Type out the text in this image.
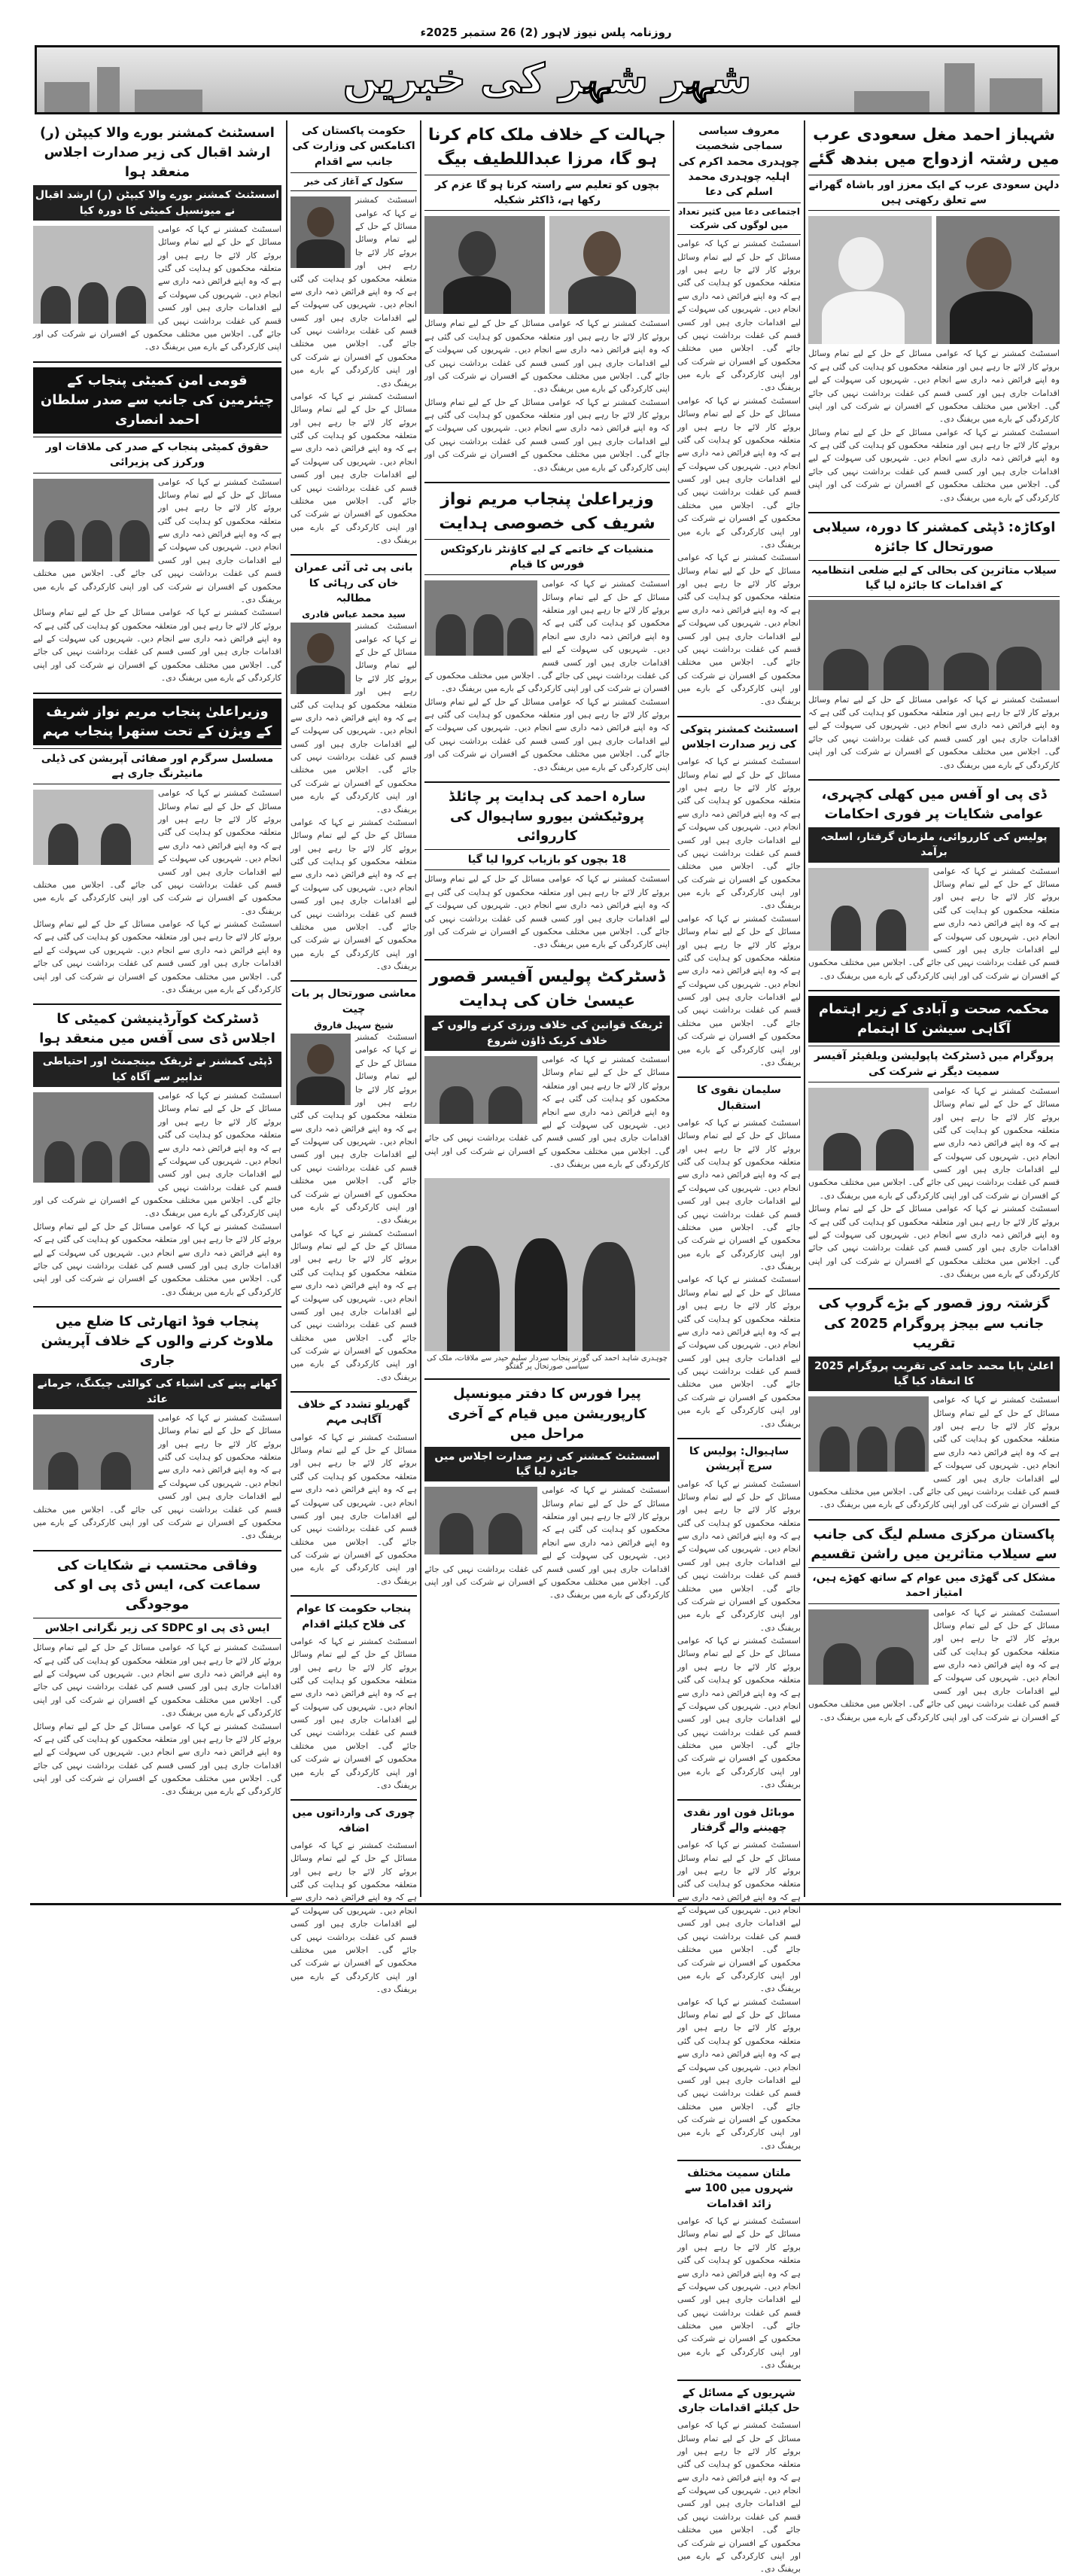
روزنامہ پلس نیوز لاہور (2) 26 ستمبر 2025ء
شہر شہر کی خبریں
شہباز احمد مغل سعودی عرب میں رشتہ ازدواج میں بندھ گئے
دلہن سعودی عرب کے ایک معزز اور باشاہ گھرانے سے تعلق رکھتی ہیں
اسسٹنٹ کمشنر نے کہا کہ عوامی مسائل کے حل کے لیے تمام وسائل بروئے کار لائے جا رہے ہیں اور متعلقہ محکموں کو ہدایت کی گئی ہے کہ وہ اپنے فرائض ذمہ داری سے انجام دیں۔ شہریوں کی سہولت کے لیے اقدامات جاری ہیں اور کسی قسم کی غفلت برداشت نہیں کی جائے گی۔ اجلاس میں مختلف محکموں کے افسران نے شرکت کی اور اپنی کارکردگی کے بارے میں بریفنگ دی۔
اسسٹنٹ کمشنر نے کہا کہ عوامی مسائل کے حل کے لیے تمام وسائل بروئے کار لائے جا رہے ہیں اور متعلقہ محکموں کو ہدایت کی گئی ہے کہ وہ اپنے فرائض ذمہ داری سے انجام دیں۔ شہریوں کی سہولت کے لیے اقدامات جاری ہیں اور کسی قسم کی غفلت برداشت نہیں کی جائے گی۔ اجلاس میں مختلف محکموں کے افسران نے شرکت کی اور اپنی کارکردگی کے بارے میں بریفنگ دی۔
اوکاڑہ: ڈپٹی کمشنر کا دورہ، سیلابی صورتحال کا جائزہ
سیلاب متاثرین کی بحالی کے لیے ضلعی انتظامیہ کے اقدامات کا جائزہ لیا گیا
اسسٹنٹ کمشنر نے کہا کہ عوامی مسائل کے حل کے لیے تمام وسائل بروئے کار لائے جا رہے ہیں اور متعلقہ محکموں کو ہدایت کی گئی ہے کہ وہ اپنے فرائض ذمہ داری سے انجام دیں۔ شہریوں کی سہولت کے لیے اقدامات جاری ہیں اور کسی قسم کی غفلت برداشت نہیں کی جائے گی۔ اجلاس میں مختلف محکموں کے افسران نے شرکت کی اور اپنی کارکردگی کے بارے میں بریفنگ دی۔
ڈی پی او آفس میں کھلی کچہری، عوامی شکایات پر فوری احکامات
پولیس کی کارروائی، ملزمان گرفتار، اسلحہ برآمد
اسسٹنٹ کمشنر نے کہا کہ عوامی مسائل کے حل کے لیے تمام وسائل بروئے کار لائے جا رہے ہیں اور متعلقہ محکموں کو ہدایت کی گئی ہے کہ وہ اپنے فرائض ذمہ داری سے انجام دیں۔ شہریوں کی سہولت کے لیے اقدامات جاری ہیں اور کسی قسم کی غفلت برداشت نہیں کی جائے گی۔ اجلاس میں مختلف محکموں کے افسران نے شرکت کی اور اپنی کارکردگی کے بارے میں بریفنگ دی۔
محکمہ صحت و آبادی کے زیر اہتمام آگاہی سیشن کا اہتمام
پروگرام میں ڈسٹرکٹ پاپولیشن ویلفیئر آفیسر سمیت دیگر نے شرکت کی
اسسٹنٹ کمشنر نے کہا کہ عوامی مسائل کے حل کے لیے تمام وسائل بروئے کار لائے جا رہے ہیں اور متعلقہ محکموں کو ہدایت کی گئی ہے کہ وہ اپنے فرائض ذمہ داری سے انجام دیں۔ شہریوں کی سہولت کے لیے اقدامات جاری ہیں اور کسی قسم کی غفلت برداشت نہیں کی جائے گی۔ اجلاس میں مختلف محکموں کے افسران نے شرکت کی اور اپنی کارکردگی کے بارے میں بریفنگ دی۔
اسسٹنٹ کمشنر نے کہا کہ عوامی مسائل کے حل کے لیے تمام وسائل بروئے کار لائے جا رہے ہیں اور متعلقہ محکموں کو ہدایت کی گئی ہے کہ وہ اپنے فرائض ذمہ داری سے انجام دیں۔ شہریوں کی سہولت کے لیے اقدامات جاری ہیں اور کسی قسم کی غفلت برداشت نہیں کی جائے گی۔ اجلاس میں مختلف محکموں کے افسران نے شرکت کی اور اپنی کارکردگی کے بارے میں بریفنگ دی۔
گزشتہ روز قصور کے بڑے گروپ کی جانب سے بیجز پروگرام 2025 کی تقریب
اعلیٰ بابا محمد حامد کی تقریب پروگرام 2025 کا انعقاد کیا گیا
اسسٹنٹ کمشنر نے کہا کہ عوامی مسائل کے حل کے لیے تمام وسائل بروئے کار لائے جا رہے ہیں اور متعلقہ محکموں کو ہدایت کی گئی ہے کہ وہ اپنے فرائض ذمہ داری سے انجام دیں۔ شہریوں کی سہولت کے لیے اقدامات جاری ہیں اور کسی قسم کی غفلت برداشت نہیں کی جائے گی۔ اجلاس میں مختلف محکموں کے افسران نے شرکت کی اور اپنی کارکردگی کے بارے میں بریفنگ دی۔
پاکستان مرکزی مسلم لیگ کی جانب سے سیلاب متاثرین میں راشن تقسیم
مشکل کی گھڑی میں عوام کے ساتھ کھڑے ہیں، امتیاز احمد
اسسٹنٹ کمشنر نے کہا کہ عوامی مسائل کے حل کے لیے تمام وسائل بروئے کار لائے جا رہے ہیں اور متعلقہ محکموں کو ہدایت کی گئی ہے کہ وہ اپنے فرائض ذمہ داری سے انجام دیں۔ شہریوں کی سہولت کے لیے اقدامات جاری ہیں اور کسی قسم کی غفلت برداشت نہیں کی جائے گی۔ اجلاس میں مختلف محکموں کے افسران نے شرکت کی اور اپنی کارکردگی کے بارے میں بریفنگ دی۔
معروف سیاسی سماجی شخصیت چوہدری محمد اکرم کی اہلیہ چوہدری محمد اسلم کی دعا
اجتماعی دعا میں کثیر تعداد میں لوگوں کی شرکت
اسسٹنٹ کمشنر نے کہا کہ عوامی مسائل کے حل کے لیے تمام وسائل بروئے کار لائے جا رہے ہیں اور متعلقہ محکموں کو ہدایت کی گئی ہے کہ وہ اپنے فرائض ذمہ داری سے انجام دیں۔ شہریوں کی سہولت کے لیے اقدامات جاری ہیں اور کسی قسم کی غفلت برداشت نہیں کی جائے گی۔ اجلاس میں مختلف محکموں کے افسران نے شرکت کی اور اپنی کارکردگی کے بارے میں بریفنگ دی۔
اسسٹنٹ کمشنر نے کہا کہ عوامی مسائل کے حل کے لیے تمام وسائل بروئے کار لائے جا رہے ہیں اور متعلقہ محکموں کو ہدایت کی گئی ہے کہ وہ اپنے فرائض ذمہ داری سے انجام دیں۔ شہریوں کی سہولت کے لیے اقدامات جاری ہیں اور کسی قسم کی غفلت برداشت نہیں کی جائے گی۔ اجلاس میں مختلف محکموں کے افسران نے شرکت کی اور اپنی کارکردگی کے بارے میں بریفنگ دی۔
اسسٹنٹ کمشنر نے کہا کہ عوامی مسائل کے حل کے لیے تمام وسائل بروئے کار لائے جا رہے ہیں اور متعلقہ محکموں کو ہدایت کی گئی ہے کہ وہ اپنے فرائض ذمہ داری سے انجام دیں۔ شہریوں کی سہولت کے لیے اقدامات جاری ہیں اور کسی قسم کی غفلت برداشت نہیں کی جائے گی۔ اجلاس میں مختلف محکموں کے افسران نے شرکت کی اور اپنی کارکردگی کے بارے میں بریفنگ دی۔
اسسٹنٹ کمشنر پتوکی کی زیر صدارت اجلاس
اسسٹنٹ کمشنر نے کہا کہ عوامی مسائل کے حل کے لیے تمام وسائل بروئے کار لائے جا رہے ہیں اور متعلقہ محکموں کو ہدایت کی گئی ہے کہ وہ اپنے فرائض ذمہ داری سے انجام دیں۔ شہریوں کی سہولت کے لیے اقدامات جاری ہیں اور کسی قسم کی غفلت برداشت نہیں کی جائے گی۔ اجلاس میں مختلف محکموں کے افسران نے شرکت کی اور اپنی کارکردگی کے بارے میں بریفنگ دی۔
اسسٹنٹ کمشنر نے کہا کہ عوامی مسائل کے حل کے لیے تمام وسائل بروئے کار لائے جا رہے ہیں اور متعلقہ محکموں کو ہدایت کی گئی ہے کہ وہ اپنے فرائض ذمہ داری سے انجام دیں۔ شہریوں کی سہولت کے لیے اقدامات جاری ہیں اور کسی قسم کی غفلت برداشت نہیں کی جائے گی۔ اجلاس میں مختلف محکموں کے افسران نے شرکت کی اور اپنی کارکردگی کے بارے میں بریفنگ دی۔
سلیمان نقوی کا استقبال
اسسٹنٹ کمشنر نے کہا کہ عوامی مسائل کے حل کے لیے تمام وسائل بروئے کار لائے جا رہے ہیں اور متعلقہ محکموں کو ہدایت کی گئی ہے کہ وہ اپنے فرائض ذمہ داری سے انجام دیں۔ شہریوں کی سہولت کے لیے اقدامات جاری ہیں اور کسی قسم کی غفلت برداشت نہیں کی جائے گی۔ اجلاس میں مختلف محکموں کے افسران نے شرکت کی اور اپنی کارکردگی کے بارے میں بریفنگ دی۔
اسسٹنٹ کمشنر نے کہا کہ عوامی مسائل کے حل کے لیے تمام وسائل بروئے کار لائے جا رہے ہیں اور متعلقہ محکموں کو ہدایت کی گئی ہے کہ وہ اپنے فرائض ذمہ داری سے انجام دیں۔ شہریوں کی سہولت کے لیے اقدامات جاری ہیں اور کسی قسم کی غفلت برداشت نہیں کی جائے گی۔ اجلاس میں مختلف محکموں کے افسران نے شرکت کی اور اپنی کارکردگی کے بارے میں بریفنگ دی۔
ساہیوال: پولیس کا سرچ آپریشن
اسسٹنٹ کمشنر نے کہا کہ عوامی مسائل کے حل کے لیے تمام وسائل بروئے کار لائے جا رہے ہیں اور متعلقہ محکموں کو ہدایت کی گئی ہے کہ وہ اپنے فرائض ذمہ داری سے انجام دیں۔ شہریوں کی سہولت کے لیے اقدامات جاری ہیں اور کسی قسم کی غفلت برداشت نہیں کی جائے گی۔ اجلاس میں مختلف محکموں کے افسران نے شرکت کی اور اپنی کارکردگی کے بارے میں بریفنگ دی۔
اسسٹنٹ کمشنر نے کہا کہ عوامی مسائل کے حل کے لیے تمام وسائل بروئے کار لائے جا رہے ہیں اور متعلقہ محکموں کو ہدایت کی گئی ہے کہ وہ اپنے فرائض ذمہ داری سے انجام دیں۔ شہریوں کی سہولت کے لیے اقدامات جاری ہیں اور کسی قسم کی غفلت برداشت نہیں کی جائے گی۔ اجلاس میں مختلف محکموں کے افسران نے شرکت کی اور اپنی کارکردگی کے بارے میں بریفنگ دی۔
موبائل فون اور نقدی چھیننے والے گرفتار
اسسٹنٹ کمشنر نے کہا کہ عوامی مسائل کے حل کے لیے تمام وسائل بروئے کار لائے جا رہے ہیں اور متعلقہ محکموں کو ہدایت کی گئی ہے کہ وہ اپنے فرائض ذمہ داری سے انجام دیں۔ شہریوں کی سہولت کے لیے اقدامات جاری ہیں اور کسی قسم کی غفلت برداشت نہیں کی جائے گی۔ اجلاس میں مختلف محکموں کے افسران نے شرکت کی اور اپنی کارکردگی کے بارے میں بریفنگ دی۔
اسسٹنٹ کمشنر نے کہا کہ عوامی مسائل کے حل کے لیے تمام وسائل بروئے کار لائے جا رہے ہیں اور متعلقہ محکموں کو ہدایت کی گئی ہے کہ وہ اپنے فرائض ذمہ داری سے انجام دیں۔ شہریوں کی سہولت کے لیے اقدامات جاری ہیں اور کسی قسم کی غفلت برداشت نہیں کی جائے گی۔ اجلاس میں مختلف محکموں کے افسران نے شرکت کی اور اپنی کارکردگی کے بارے میں بریفنگ دی۔
ملتان سمیت مختلف شہروں میں 100 سے زائد اقدامات
اسسٹنٹ کمشنر نے کہا کہ عوامی مسائل کے حل کے لیے تمام وسائل بروئے کار لائے جا رہے ہیں اور متعلقہ محکموں کو ہدایت کی گئی ہے کہ وہ اپنے فرائض ذمہ داری سے انجام دیں۔ شہریوں کی سہولت کے لیے اقدامات جاری ہیں اور کسی قسم کی غفلت برداشت نہیں کی جائے گی۔ اجلاس میں مختلف محکموں کے افسران نے شرکت کی اور اپنی کارکردگی کے بارے میں بریفنگ دی۔
شہریوں کے مسائل کے حل کیلئے اقدامات جاری
اسسٹنٹ کمشنر نے کہا کہ عوامی مسائل کے حل کے لیے تمام وسائل بروئے کار لائے جا رہے ہیں اور متعلقہ محکموں کو ہدایت کی گئی ہے کہ وہ اپنے فرائض ذمہ داری سے انجام دیں۔ شہریوں کی سہولت کے لیے اقدامات جاری ہیں اور کسی قسم کی غفلت برداشت نہیں کی جائے گی۔ اجلاس میں مختلف محکموں کے افسران نے شرکت کی اور اپنی کارکردگی کے بارے میں بریفنگ دی۔
جہالت کے خلاف ملک کام کرنا ہو گا، مرزا عبداللطیف بیگ
بچوں کو تعلیم سے راستہ کرنا ہو گا عزم کر رکھا ہے، ڈاکٹر شکیلہ
اسسٹنٹ کمشنر نے کہا کہ عوامی مسائل کے حل کے لیے تمام وسائل بروئے کار لائے جا رہے ہیں اور متعلقہ محکموں کو ہدایت کی گئی ہے کہ وہ اپنے فرائض ذمہ داری سے انجام دیں۔ شہریوں کی سہولت کے لیے اقدامات جاری ہیں اور کسی قسم کی غفلت برداشت نہیں کی جائے گی۔ اجلاس میں مختلف محکموں کے افسران نے شرکت کی اور اپنی کارکردگی کے بارے میں بریفنگ دی۔
اسسٹنٹ کمشنر نے کہا کہ عوامی مسائل کے حل کے لیے تمام وسائل بروئے کار لائے جا رہے ہیں اور متعلقہ محکموں کو ہدایت کی گئی ہے کہ وہ اپنے فرائض ذمہ داری سے انجام دیں۔ شہریوں کی سہولت کے لیے اقدامات جاری ہیں اور کسی قسم کی غفلت برداشت نہیں کی جائے گی۔ اجلاس میں مختلف محکموں کے افسران نے شرکت کی اور اپنی کارکردگی کے بارے میں بریفنگ دی۔
وزیراعلیٰ پنجاب مریم نواز شریف کی خصوصی ہدایت
منشیات کے خاتمے کے لیے کاؤنٹر نارکوٹکس فورس کا قیام
اسسٹنٹ کمشنر نے کہا کہ عوامی مسائل کے حل کے لیے تمام وسائل بروئے کار لائے جا رہے ہیں اور متعلقہ محکموں کو ہدایت کی گئی ہے کہ وہ اپنے فرائض ذمہ داری سے انجام دیں۔ شہریوں کی سہولت کے لیے اقدامات جاری ہیں اور کسی قسم کی غفلت برداشت نہیں کی جائے گی۔ اجلاس میں مختلف محکموں کے افسران نے شرکت کی اور اپنی کارکردگی کے بارے میں بریفنگ دی۔
اسسٹنٹ کمشنر نے کہا کہ عوامی مسائل کے حل کے لیے تمام وسائل بروئے کار لائے جا رہے ہیں اور متعلقہ محکموں کو ہدایت کی گئی ہے کہ وہ اپنے فرائض ذمہ داری سے انجام دیں۔ شہریوں کی سہولت کے لیے اقدامات جاری ہیں اور کسی قسم کی غفلت برداشت نہیں کی جائے گی۔ اجلاس میں مختلف محکموں کے افسران نے شرکت کی اور اپنی کارکردگی کے بارے میں بریفنگ دی۔
سارہ احمد کی ہدایت پر چائلڈ پروٹیکشن بیورو ساہیوال کی کارروائی
18 بچوں کو بازیاب کروا لیا گیا
اسسٹنٹ کمشنر نے کہا کہ عوامی مسائل کے حل کے لیے تمام وسائل بروئے کار لائے جا رہے ہیں اور متعلقہ محکموں کو ہدایت کی گئی ہے کہ وہ اپنے فرائض ذمہ داری سے انجام دیں۔ شہریوں کی سہولت کے لیے اقدامات جاری ہیں اور کسی قسم کی غفلت برداشت نہیں کی جائے گی۔ اجلاس میں مختلف محکموں کے افسران نے شرکت کی اور اپنی کارکردگی کے بارے میں بریفنگ دی۔
ڈسٹرکٹ پولیس آفیسر قصور عیسیٰ خان کی ہدایت
ٹریفک قوانین کی خلاف ورزی کرنے والوں کے خلاف کریک ڈاؤن شروع
اسسٹنٹ کمشنر نے کہا کہ عوامی مسائل کے حل کے لیے تمام وسائل بروئے کار لائے جا رہے ہیں اور متعلقہ محکموں کو ہدایت کی گئی ہے کہ وہ اپنے فرائض ذمہ داری سے انجام دیں۔ شہریوں کی سہولت کے لیے اقدامات جاری ہیں اور کسی قسم کی غفلت برداشت نہیں کی جائے گی۔ اجلاس میں مختلف محکموں کے افسران نے شرکت کی اور اپنی کارکردگی کے بارے میں بریفنگ دی۔
چوہدری شاہد احمد کی گورنر پنجاب سردار سلیم حیدر سے ملاقات، ملک کی سیاسی صورتحال پر گفتگو
پیرا فورس کا دفتر میونسپل کارپوریشن میں قیام کے آخری مراحل میں
اسسٹنٹ کمشنر کی زیر صدارت اجلاس میں جائزہ لیا گیا
اسسٹنٹ کمشنر نے کہا کہ عوامی مسائل کے حل کے لیے تمام وسائل بروئے کار لائے جا رہے ہیں اور متعلقہ محکموں کو ہدایت کی گئی ہے کہ وہ اپنے فرائض ذمہ داری سے انجام دیں۔ شہریوں کی سہولت کے لیے اقدامات جاری ہیں اور کسی قسم کی غفلت برداشت نہیں کی جائے گی۔ اجلاس میں مختلف محکموں کے افسران نے شرکت کی اور اپنی کارکردگی کے بارے میں بریفنگ دی۔
حکومت پاکستان کی اکنامکس کی وزارت کی جانب سے اقدام
سکول کے آغاز کی خبر
اسسٹنٹ کمشنر نے کہا کہ عوامی مسائل کے حل کے لیے تمام وسائل بروئے کار لائے جا رہے ہیں اور متعلقہ محکموں کو ہدایت کی گئی ہے کہ وہ اپنے فرائض ذمہ داری سے انجام دیں۔ شہریوں کی سہولت کے لیے اقدامات جاری ہیں اور کسی قسم کی غفلت برداشت نہیں کی جائے گی۔ اجلاس میں مختلف محکموں کے افسران نے شرکت کی اور اپنی کارکردگی کے بارے میں بریفنگ دی۔
اسسٹنٹ کمشنر نے کہا کہ عوامی مسائل کے حل کے لیے تمام وسائل بروئے کار لائے جا رہے ہیں اور متعلقہ محکموں کو ہدایت کی گئی ہے کہ وہ اپنے فرائض ذمہ داری سے انجام دیں۔ شہریوں کی سہولت کے لیے اقدامات جاری ہیں اور کسی قسم کی غفلت برداشت نہیں کی جائے گی۔ اجلاس میں مختلف محکموں کے افسران نے شرکت کی اور اپنی کارکردگی کے بارے میں بریفنگ دی۔
بانی پی ٹی آئی عمران خان کی رہائی کا مطالبہ
سید محمد عباس قادری
اسسٹنٹ کمشنر نے کہا کہ عوامی مسائل کے حل کے لیے تمام وسائل بروئے کار لائے جا رہے ہیں اور متعلقہ محکموں کو ہدایت کی گئی ہے کہ وہ اپنے فرائض ذمہ داری سے انجام دیں۔ شہریوں کی سہولت کے لیے اقدامات جاری ہیں اور کسی قسم کی غفلت برداشت نہیں کی جائے گی۔ اجلاس میں مختلف محکموں کے افسران نے شرکت کی اور اپنی کارکردگی کے بارے میں بریفنگ دی۔
اسسٹنٹ کمشنر نے کہا کہ عوامی مسائل کے حل کے لیے تمام وسائل بروئے کار لائے جا رہے ہیں اور متعلقہ محکموں کو ہدایت کی گئی ہے کہ وہ اپنے فرائض ذمہ داری سے انجام دیں۔ شہریوں کی سہولت کے لیے اقدامات جاری ہیں اور کسی قسم کی غفلت برداشت نہیں کی جائے گی۔ اجلاس میں مختلف محکموں کے افسران نے شرکت کی اور اپنی کارکردگی کے بارے میں بریفنگ دی۔
معاشی صورتحال پر بات چیت
شیخ سہیل فاروق
اسسٹنٹ کمشنر نے کہا کہ عوامی مسائل کے حل کے لیے تمام وسائل بروئے کار لائے جا رہے ہیں اور متعلقہ محکموں کو ہدایت کی گئی ہے کہ وہ اپنے فرائض ذمہ داری سے انجام دیں۔ شہریوں کی سہولت کے لیے اقدامات جاری ہیں اور کسی قسم کی غفلت برداشت نہیں کی جائے گی۔ اجلاس میں مختلف محکموں کے افسران نے شرکت کی اور اپنی کارکردگی کے بارے میں بریفنگ دی۔
اسسٹنٹ کمشنر نے کہا کہ عوامی مسائل کے حل کے لیے تمام وسائل بروئے کار لائے جا رہے ہیں اور متعلقہ محکموں کو ہدایت کی گئی ہے کہ وہ اپنے فرائض ذمہ داری سے انجام دیں۔ شہریوں کی سہولت کے لیے اقدامات جاری ہیں اور کسی قسم کی غفلت برداشت نہیں کی جائے گی۔ اجلاس میں مختلف محکموں کے افسران نے شرکت کی اور اپنی کارکردگی کے بارے میں بریفنگ دی۔
گھریلو تشدد کے خلاف آگاہی مہم
اسسٹنٹ کمشنر نے کہا کہ عوامی مسائل کے حل کے لیے تمام وسائل بروئے کار لائے جا رہے ہیں اور متعلقہ محکموں کو ہدایت کی گئی ہے کہ وہ اپنے فرائض ذمہ داری سے انجام دیں۔ شہریوں کی سہولت کے لیے اقدامات جاری ہیں اور کسی قسم کی غفلت برداشت نہیں کی جائے گی۔ اجلاس میں مختلف محکموں کے افسران نے شرکت کی اور اپنی کارکردگی کے بارے میں بریفنگ دی۔
پنجاب حکومت کا عوام کی فلاح کیلئے اقدام
اسسٹنٹ کمشنر نے کہا کہ عوامی مسائل کے حل کے لیے تمام وسائل بروئے کار لائے جا رہے ہیں اور متعلقہ محکموں کو ہدایت کی گئی ہے کہ وہ اپنے فرائض ذمہ داری سے انجام دیں۔ شہریوں کی سہولت کے لیے اقدامات جاری ہیں اور کسی قسم کی غفلت برداشت نہیں کی جائے گی۔ اجلاس میں مختلف محکموں کے افسران نے شرکت کی اور اپنی کارکردگی کے بارے میں بریفنگ دی۔
چوری کی وارداتوں میں اضافہ
اسسٹنٹ کمشنر نے کہا کہ عوامی مسائل کے حل کے لیے تمام وسائل بروئے کار لائے جا رہے ہیں اور متعلقہ محکموں کو ہدایت کی گئی ہے کہ وہ اپنے فرائض ذمہ داری سے انجام دیں۔ شہریوں کی سہولت کے لیے اقدامات جاری ہیں اور کسی قسم کی غفلت برداشت نہیں کی جائے گی۔ اجلاس میں مختلف محکموں کے افسران نے شرکت کی اور اپنی کارکردگی کے بارے میں بریفنگ دی۔
اسسٹنٹ کمشنر بورے والا کیپٹن (ر) ارشد اقبال کی زیر صدارت اجلاس منعقد ہوا
اسسٹنٹ کمشنر بورے والا کیپٹن (ر) ارشد اقبال نے میونسپل کمیٹی کا دورہ کیا
اسسٹنٹ کمشنر نے کہا کہ عوامی مسائل کے حل کے لیے تمام وسائل بروئے کار لائے جا رہے ہیں اور متعلقہ محکموں کو ہدایت کی گئی ہے کہ وہ اپنے فرائض ذمہ داری سے انجام دیں۔ شہریوں کی سہولت کے لیے اقدامات جاری ہیں اور کسی قسم کی غفلت برداشت نہیں کی جائے گی۔ اجلاس میں مختلف محکموں کے افسران نے شرکت کی اور اپنی کارکردگی کے بارے میں بریفنگ دی۔
قومی امن کمیٹی پنجاب کے چیئرمین کی جانب سے صدر سلطان احمد انصاری
حقوق کمیٹی پنجاب کے صدر کی ملاقات اور ورکرز کی پزیرائی
اسسٹنٹ کمشنر نے کہا کہ عوامی مسائل کے حل کے لیے تمام وسائل بروئے کار لائے جا رہے ہیں اور متعلقہ محکموں کو ہدایت کی گئی ہے کہ وہ اپنے فرائض ذمہ داری سے انجام دیں۔ شہریوں کی سہولت کے لیے اقدامات جاری ہیں اور کسی قسم کی غفلت برداشت نہیں کی جائے گی۔ اجلاس میں مختلف محکموں کے افسران نے شرکت کی اور اپنی کارکردگی کے بارے میں بریفنگ دی۔
اسسٹنٹ کمشنر نے کہا کہ عوامی مسائل کے حل کے لیے تمام وسائل بروئے کار لائے جا رہے ہیں اور متعلقہ محکموں کو ہدایت کی گئی ہے کہ وہ اپنے فرائض ذمہ داری سے انجام دیں۔ شہریوں کی سہولت کے لیے اقدامات جاری ہیں اور کسی قسم کی غفلت برداشت نہیں کی جائے گی۔ اجلاس میں مختلف محکموں کے افسران نے شرکت کی اور اپنی کارکردگی کے بارے میں بریفنگ دی۔
وزیراعلیٰ پنجاب مریم نواز شریف کے ویژن کے تحت ستھرا پنجاب مہم
مسلسل سرگرم اور صفائی آپریشن کی ڈیلی مانیٹرنگ جاری ہے
اسسٹنٹ کمشنر نے کہا کہ عوامی مسائل کے حل کے لیے تمام وسائل بروئے کار لائے جا رہے ہیں اور متعلقہ محکموں کو ہدایت کی گئی ہے کہ وہ اپنے فرائض ذمہ داری سے انجام دیں۔ شہریوں کی سہولت کے لیے اقدامات جاری ہیں اور کسی قسم کی غفلت برداشت نہیں کی جائے گی۔ اجلاس میں مختلف محکموں کے افسران نے شرکت کی اور اپنی کارکردگی کے بارے میں بریفنگ دی۔
اسسٹنٹ کمشنر نے کہا کہ عوامی مسائل کے حل کے لیے تمام وسائل بروئے کار لائے جا رہے ہیں اور متعلقہ محکموں کو ہدایت کی گئی ہے کہ وہ اپنے فرائض ذمہ داری سے انجام دیں۔ شہریوں کی سہولت کے لیے اقدامات جاری ہیں اور کسی قسم کی غفلت برداشت نہیں کی جائے گی۔ اجلاس میں مختلف محکموں کے افسران نے شرکت کی اور اپنی کارکردگی کے بارے میں بریفنگ دی۔
ڈسٹرکٹ کوآرڈینیشن کمیٹی کا اجلاس ڈی سی آفس میں منعقد ہوا
ڈپٹی کمشنر نے ٹریفک مینجمنٹ اور احتیاطی تدابیر سے آگاہ کیا
اسسٹنٹ کمشنر نے کہا کہ عوامی مسائل کے حل کے لیے تمام وسائل بروئے کار لائے جا رہے ہیں اور متعلقہ محکموں کو ہدایت کی گئی ہے کہ وہ اپنے فرائض ذمہ داری سے انجام دیں۔ شہریوں کی سہولت کے لیے اقدامات جاری ہیں اور کسی قسم کی غفلت برداشت نہیں کی جائے گی۔ اجلاس میں مختلف محکموں کے افسران نے شرکت کی اور اپنی کارکردگی کے بارے میں بریفنگ دی۔
اسسٹنٹ کمشنر نے کہا کہ عوامی مسائل کے حل کے لیے تمام وسائل بروئے کار لائے جا رہے ہیں اور متعلقہ محکموں کو ہدایت کی گئی ہے کہ وہ اپنے فرائض ذمہ داری سے انجام دیں۔ شہریوں کی سہولت کے لیے اقدامات جاری ہیں اور کسی قسم کی غفلت برداشت نہیں کی جائے گی۔ اجلاس میں مختلف محکموں کے افسران نے شرکت کی اور اپنی کارکردگی کے بارے میں بریفنگ دی۔
پنجاب فوڈ اتھارٹی کا ضلع میں ملاوٹ کرنے والوں کے خلاف آپریشن جاری
کھانے پینے کی اشیاء کی کوالٹی چیکنگ، جرمانے عائد
اسسٹنٹ کمشنر نے کہا کہ عوامی مسائل کے حل کے لیے تمام وسائل بروئے کار لائے جا رہے ہیں اور متعلقہ محکموں کو ہدایت کی گئی ہے کہ وہ اپنے فرائض ذمہ داری سے انجام دیں۔ شہریوں کی سہولت کے لیے اقدامات جاری ہیں اور کسی قسم کی غفلت برداشت نہیں کی جائے گی۔ اجلاس میں مختلف محکموں کے افسران نے شرکت کی اور اپنی کارکردگی کے بارے میں بریفنگ دی۔
وفاقی محتسب نے شکایات کی سماعت کی، ایس ڈی پی او کی موجودگی
ایس ڈی پی او SDPC کی زیر نگرانی اجلاس
اسسٹنٹ کمشنر نے کہا کہ عوامی مسائل کے حل کے لیے تمام وسائل بروئے کار لائے جا رہے ہیں اور متعلقہ محکموں کو ہدایت کی گئی ہے کہ وہ اپنے فرائض ذمہ داری سے انجام دیں۔ شہریوں کی سہولت کے لیے اقدامات جاری ہیں اور کسی قسم کی غفلت برداشت نہیں کی جائے گی۔ اجلاس میں مختلف محکموں کے افسران نے شرکت کی اور اپنی کارکردگی کے بارے میں بریفنگ دی۔
اسسٹنٹ کمشنر نے کہا کہ عوامی مسائل کے حل کے لیے تمام وسائل بروئے کار لائے جا رہے ہیں اور متعلقہ محکموں کو ہدایت کی گئی ہے کہ وہ اپنے فرائض ذمہ داری سے انجام دیں۔ شہریوں کی سہولت کے لیے اقدامات جاری ہیں اور کسی قسم کی غفلت برداشت نہیں کی جائے گی۔ اجلاس میں مختلف محکموں کے افسران نے شرکت کی اور اپنی کارکردگی کے بارے میں بریفنگ دی۔
